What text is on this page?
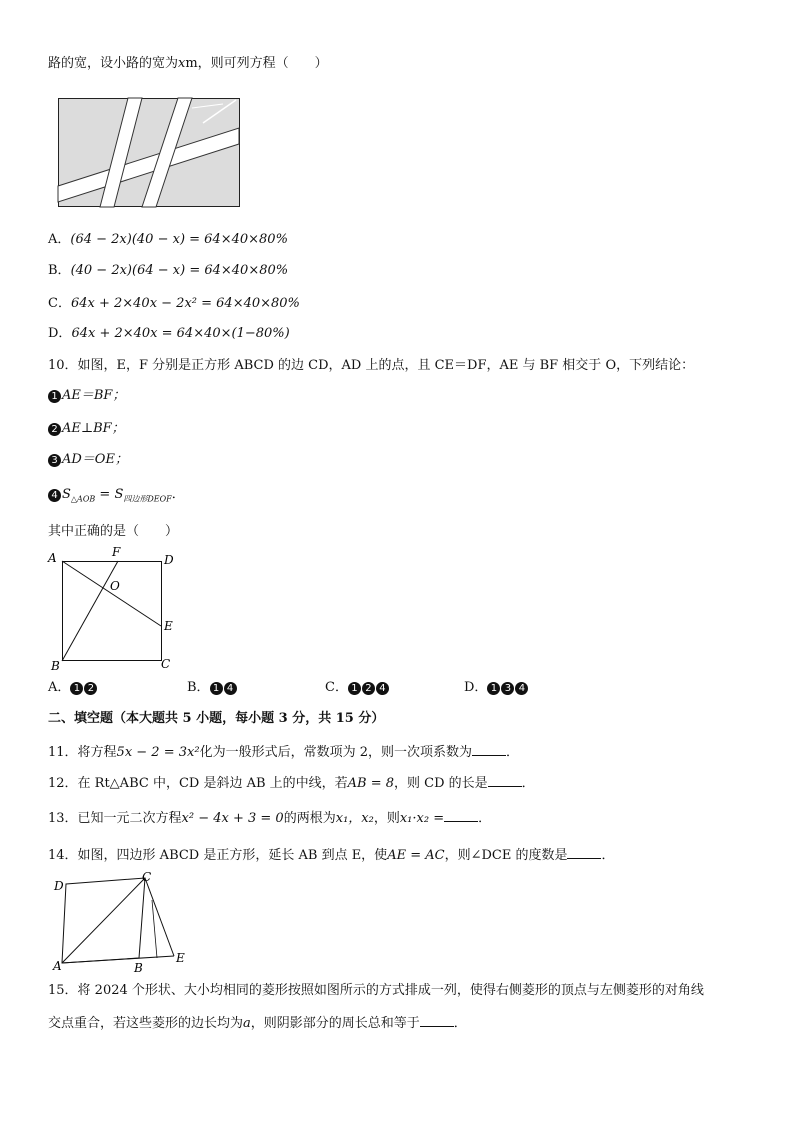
路的宽，设小路的宽为xm，则可列方程（　　）
A．(64 − 2x)(40 − x) = 64×40×80%
B．(40 − 2x)(64 − x) = 64×40×80%
C．64x + 2×40x − 2x² = 64×40×80%
D．64x + 2×40x = 64×40×(1−80%)
10．如图，E，F 分别是正方形 ABCD 的边 CD，AD 上的点，且 CE＝DF，AE 与 BF 相交于 O，下列结论：
1 AE＝BF；
2 AE⊥BF；
3 AD＝OE；
4 $S_{\triangle AOB} = S_{四边形DEOF}$．
其中正确的是（　　）
A	F
D
O
E
B	C
A． 1 2	B． 1 4	C． 1 2 4	D． 1 3 4
二、填空题（本大题共 5 小题，每小题 3 分，共 15 分）
11．将方程5x − 2 = 3x²化为一般形式后，常数项为 2，则一次项系数为	．
12．在 Rt△ABC 中，CD 是斜边 AB 上的中线，若AB = 8，则 CD 的长是	．
13．已知一元二次方程x² − 4x + 3 = 0的两根为x₁，x₂，则x₁·x₂ =	．
14．如图，四边形 ABCD 是正方形，延长 AB 到点 E，使AE = AC，则∠DCE 的度数是	．
D
C
A	B
E
15．将 2024 个形状、大小均相同的菱形按照如图所示的方式排成一列，使得右侧菱形的顶点与左侧菱形的对角线
交点重合，若这些菱形的边长均为a，则阴影部分的周长总和等于	．
